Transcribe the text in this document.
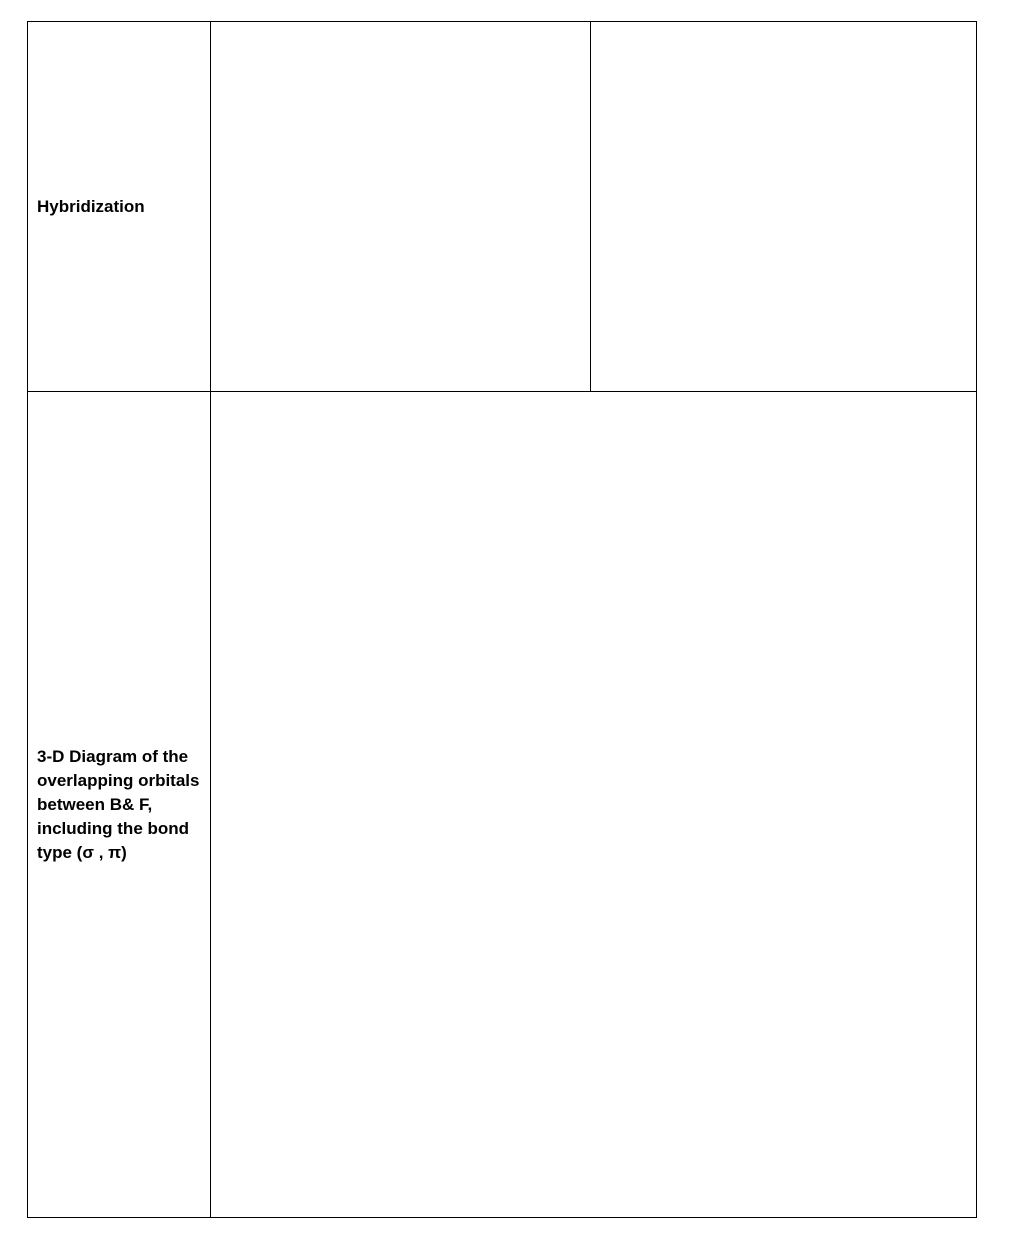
Hybridization
3-D Diagram of the
overlapping orbitals
between B& F,
including the bond
type (σ , π)
